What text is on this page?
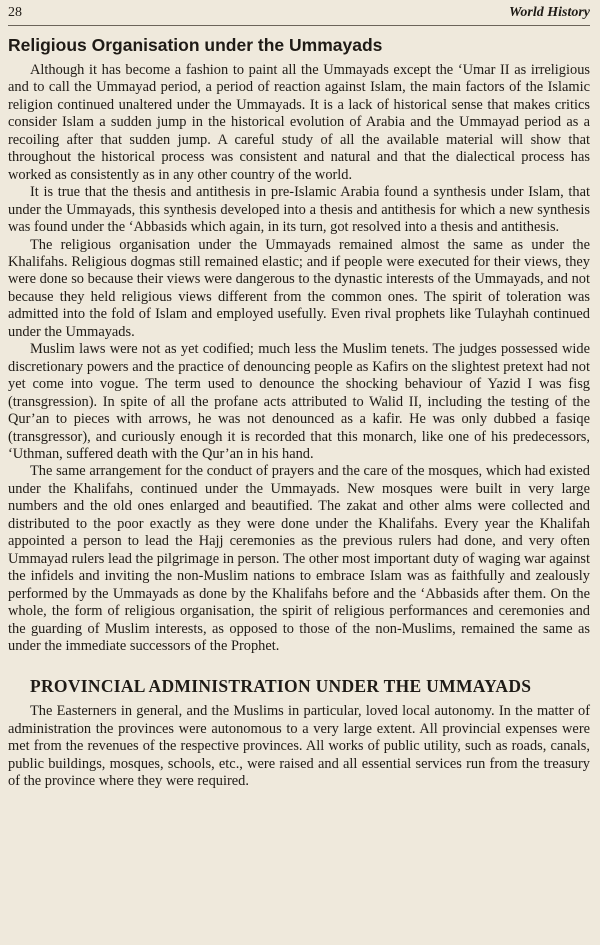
28	World History
Religious Organisation under the Ummayads

Although it has become a fashion to paint all the Ummayads except the ‘Umar II as irreligious and to call the Ummayad period, a period of reaction against Islam, the main factors of the Islamic religion continued unaltered under the Ummayads. It is a lack of historical sense that makes critics consider Islam a sudden jump in the historical evolution of Arabia and the Ummayad period as a recoiling after that sudden jump. A careful study of all the available material will show that throughout the historical process was consistent and natural and that the dialectical process has worked as consistently as in any other country of the world.

It is true that the thesis and antithesis in pre-Islamic Arabia found a synthesis under Islam, that under the Ummayads, this synthesis developed into a thesis and antithesis for which a new synthesis was found under the ‘Abbasids which again, in its turn, got resolved into a thesis and antithesis.

The religious organisation under the Ummayads remained almost the same as under the Khalifahs. Religious dogmas still remained elastic; and if people were executed for their views, they were done so because their views were dangerous to the dynastic interests of the Ummayads, and not because they held religious views different from the common ones. The spirit of toleration was admitted into the fold of Islam and employed usefully. Even rival prophets like Tulayhah continued under the Ummayads.

Muslim laws were not as yet codified; much less the Muslim tenets. The judges possessed wide discretionary powers and the practice of denouncing people as Kafirs on the slightest pretext had not yet come into vogue. The term used to denounce the shocking behaviour of Yazid I was fisg (transgression). In spite of all the profane acts attributed to Walid II, including the testing of the Qur’an to pieces with arrows, he was not denounced as a kafir. He was only dubbed a fasiqe (transgressor), and curiously enough it is recorded that this monarch, like one of his predecessors, ‘Uthman, suffered death with the Qur’an in his hand.

The same arrangement for the conduct of prayers and the care of the mosques, which had existed under the Khalifahs, continued under the Ummayads. New mosques were built in very large numbers and the old ones enlarged and beautified. The zakat and other alms were collected and distributed to the poor exactly as they were done under the Khalifahs. Every year the Khalifah appointed a person to lead the Hajj ceremonies as the previous rulers had done, and very often Ummayad rulers lead the pilgrimage in person. The other most important duty of waging war against the infidels and inviting the non-Muslim nations to embrace Islam was as faithfully and zealously performed by the Ummayads as done by the Khalifahs before and the ‘Abbasids after them. On the whole, the form of religious organisation, the spirit of religious performances and ceremonies and the guarding of Muslim interests, as opposed to those of the non-Muslims, remained the same as under the immediate successors of the Prophet.

PROVINCIAL ADMINISTRATION UNDER THE UMMAYADS

The Easterners in general, and the Muslims in particular, loved local autonomy. In the matter of administration the provinces were autonomous to a very large extent. All provincial expenses were met from the revenues of the respective provinces. All works of public utility, such as roads, canals, public buildings, mosques, schools, etc., were raised and all essential services run from the treasury of the province where they were required.
